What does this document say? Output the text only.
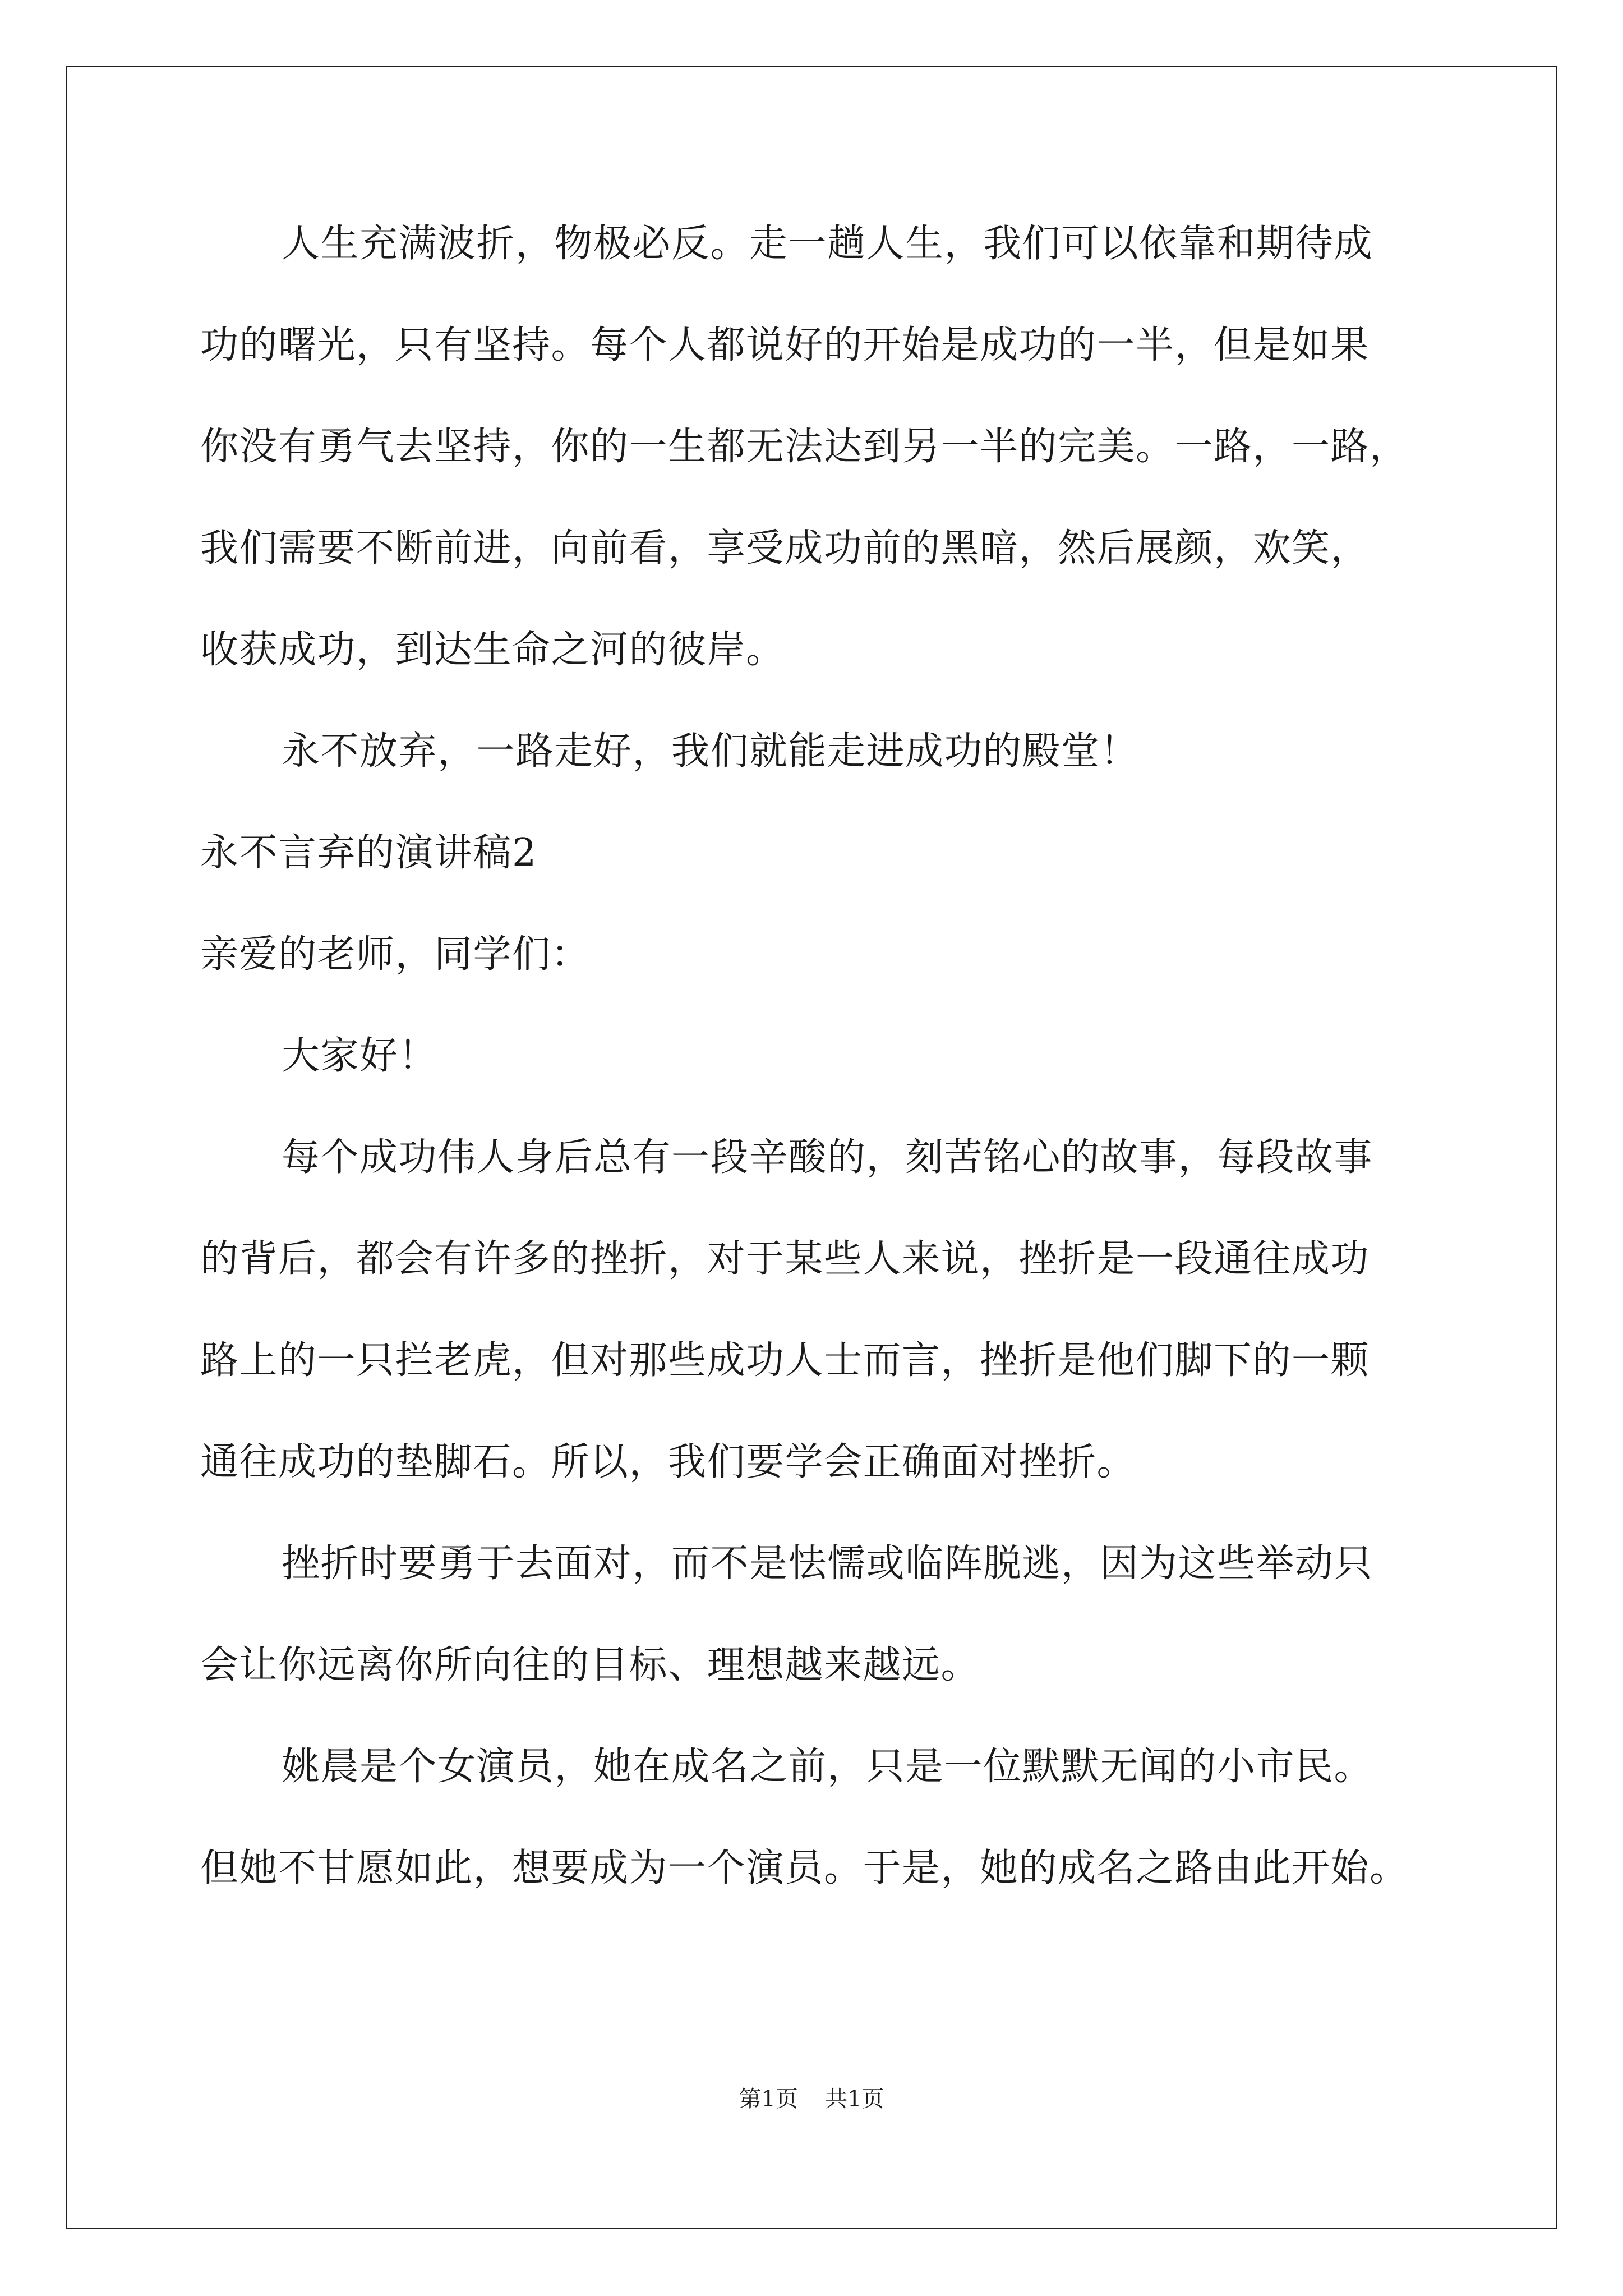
人生充满波折，物极必反。走一趟人生，我们可以依靠和期待成
功的曙光，只有坚持。每个人都说好的开始是成功的一半，但是如果
你没有勇气去坚持，你的一生都无法达到另一半的完美。一路，一路，
我们需要不断前进，向前看，享受成功前的黑暗，然后展颜，欢笑，
收获成功，到达生命之河的彼岸。
永不放弃，一路走好，我们就能走进成功的殿堂！
永不言弃的演讲稿2
亲爱的老师，同学们：
大家好！
每个成功伟人身后总有一段辛酸的，刻苦铭心的故事，每段故事
的背后，都会有许多的挫折，对于某些人来说，挫折是一段通往成功
路上的一只拦老虎，但对那些成功人士而言，挫折是他们脚下的一颗
通往成功的垫脚石。所以，我们要学会正确面对挫折。
挫折时要勇于去面对，而不是怯懦或临阵脱逃，因为这些举动只
会让你远离你所向往的目标、理想越来越远。
姚晨是个女演员，她在成名之前，只是一位默默无闻的小市民。
但她不甘愿如此，想要成为一个演员。于是，她的成名之路由此开始。
第1页 共1页
